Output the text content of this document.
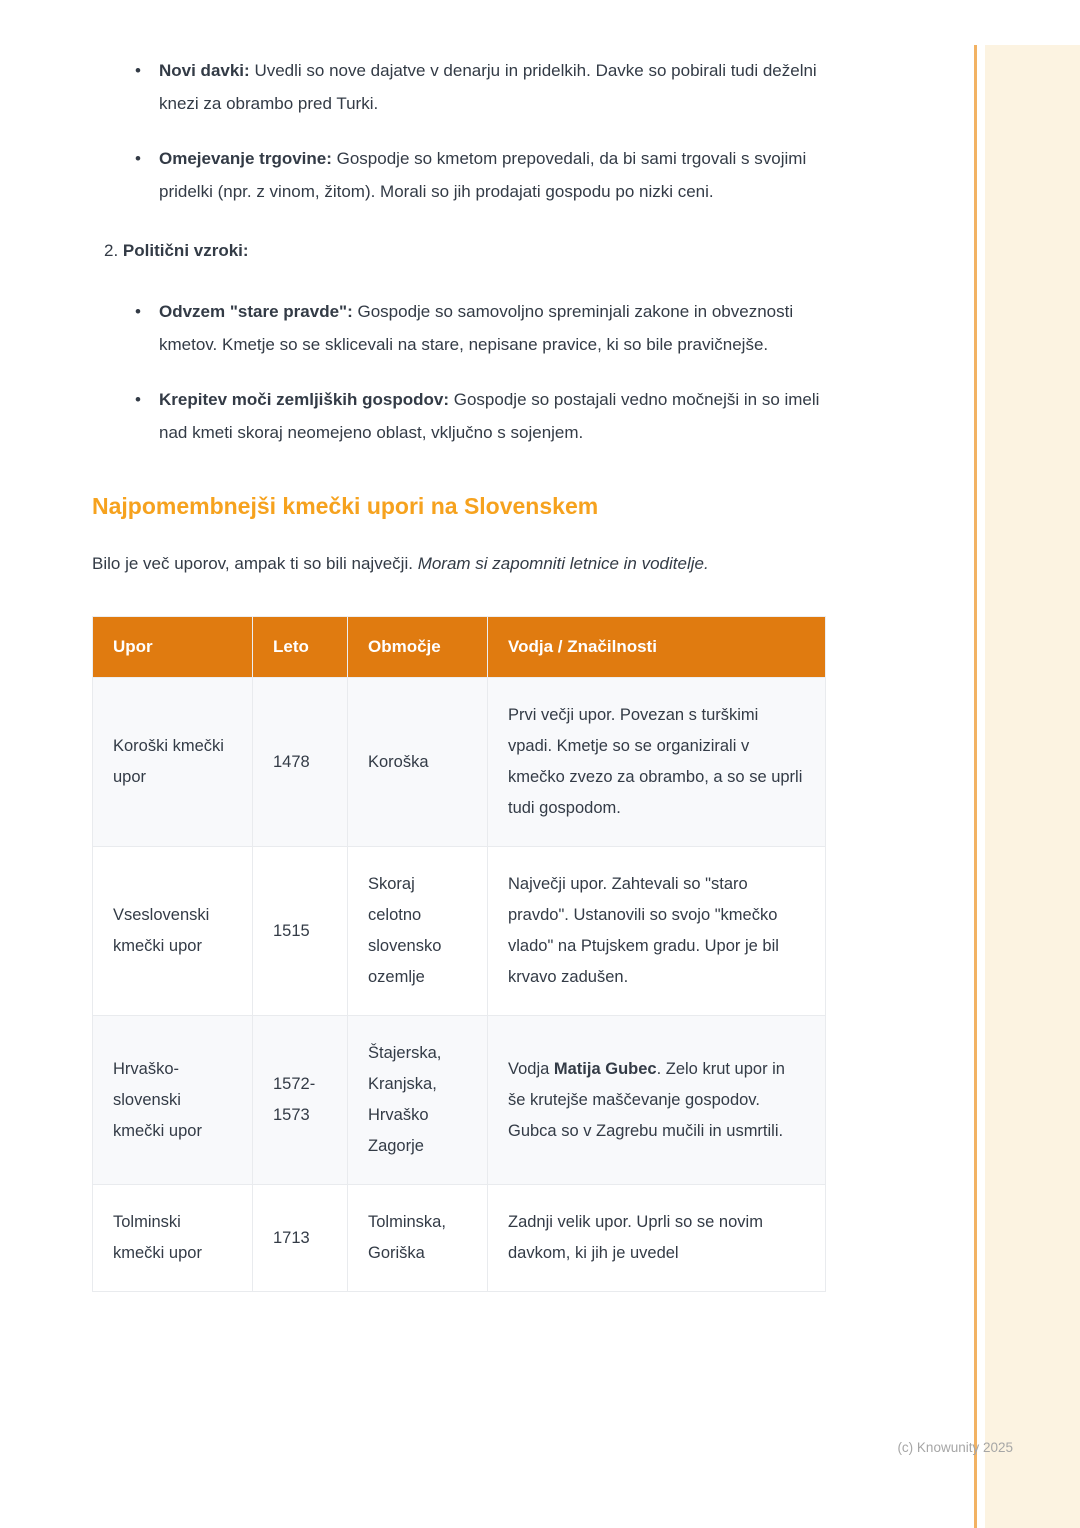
•	Novi davki: Uvedli so nove dajatve v denarju in pridelkih. Davke so pobirali tudi deželni knezi za obrambo pred Turki.
•	Omejevanje trgovine: Gospodje so kmetom prepovedali, da bi sami trgovali s svojimi pridelki (npr. z vinom, žitom). Morali so jih prodajati gospodu po nizki ceni.
2. Politični vzroki:
•	Odvzem "stare pravde": Gospodje so samovoljno spreminjali zakone in obveznosti kmetov. Kmetje so se sklicevali na stare, nepisane pravice, ki so bile pravičnejše.
•	Krepitev moči zemljiških gospodov: Gospodje so postajali vedno močnejši in so imeli nad kmeti skoraj neomejeno oblast, vključno s sojenjem.
Najpomembnejši kmečki upori na Slovenskem

Bilo je več uporov, ampak ti so bili največji. Moram si zapomniti letnice in voditelje.

Upor	Leto	Območje	Vodja / Značilnosti
Koroški kmečki upor	1478	Koroška	Prvi večji upor. Povezan s turškimi vpadi. Kmetje so se organizirali v kmečko zvezo za obrambo, a so se uprli tudi gospodom.
Vseslovenski kmečki upor	1515	Skoraj celotno slovensko ozemlje	Največji upor. Zahtevali so "staro pravdo". Ustanovili so svojo "kmečko vlado" na Ptujskem gradu. Upor je bil krvavo zadušen.
Hrvaško-slovenski kmečki upor	1572-1573	Štajerska, Kranjska, Hrvaško Zagorje	Vodja Matija Gubec. Zelo krut upor in še krutejše maščevanje gospodov. Gubca so v Zagrebu mučili in usmrtili.
Tolminski kmečki upor	1713	Tolminska, Goriška	Zadnji velik upor. Uprli so se novim davkom, ki jih je uvedel
(c) Knowunity 2025
